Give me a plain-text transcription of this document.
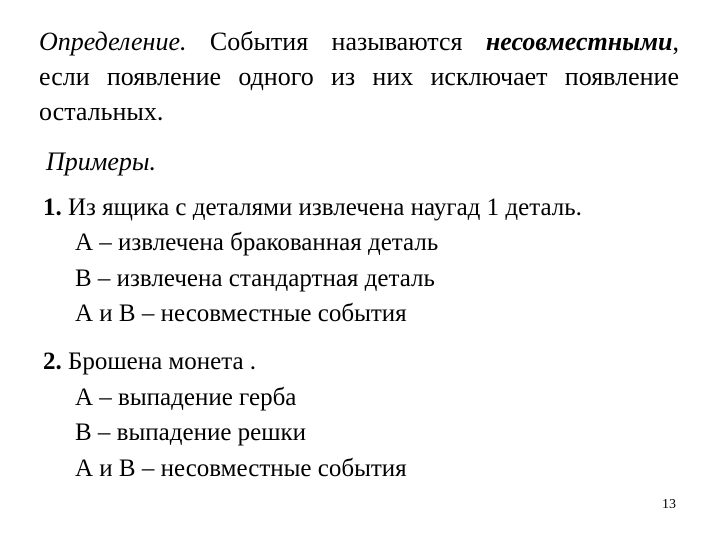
Определение. События называются несовместными, если появление одного из них исключает появление остальных.

Примеры.
1. Из ящика с деталями извлечена наугад 1 деталь.
А – извлечена бракованная деталь
В – извлечена стандартная деталь
А и В – несовместные события
2. Брошена монета .
А – выпадение герба
В – выпадение решки
А и В – несовместные события
13
